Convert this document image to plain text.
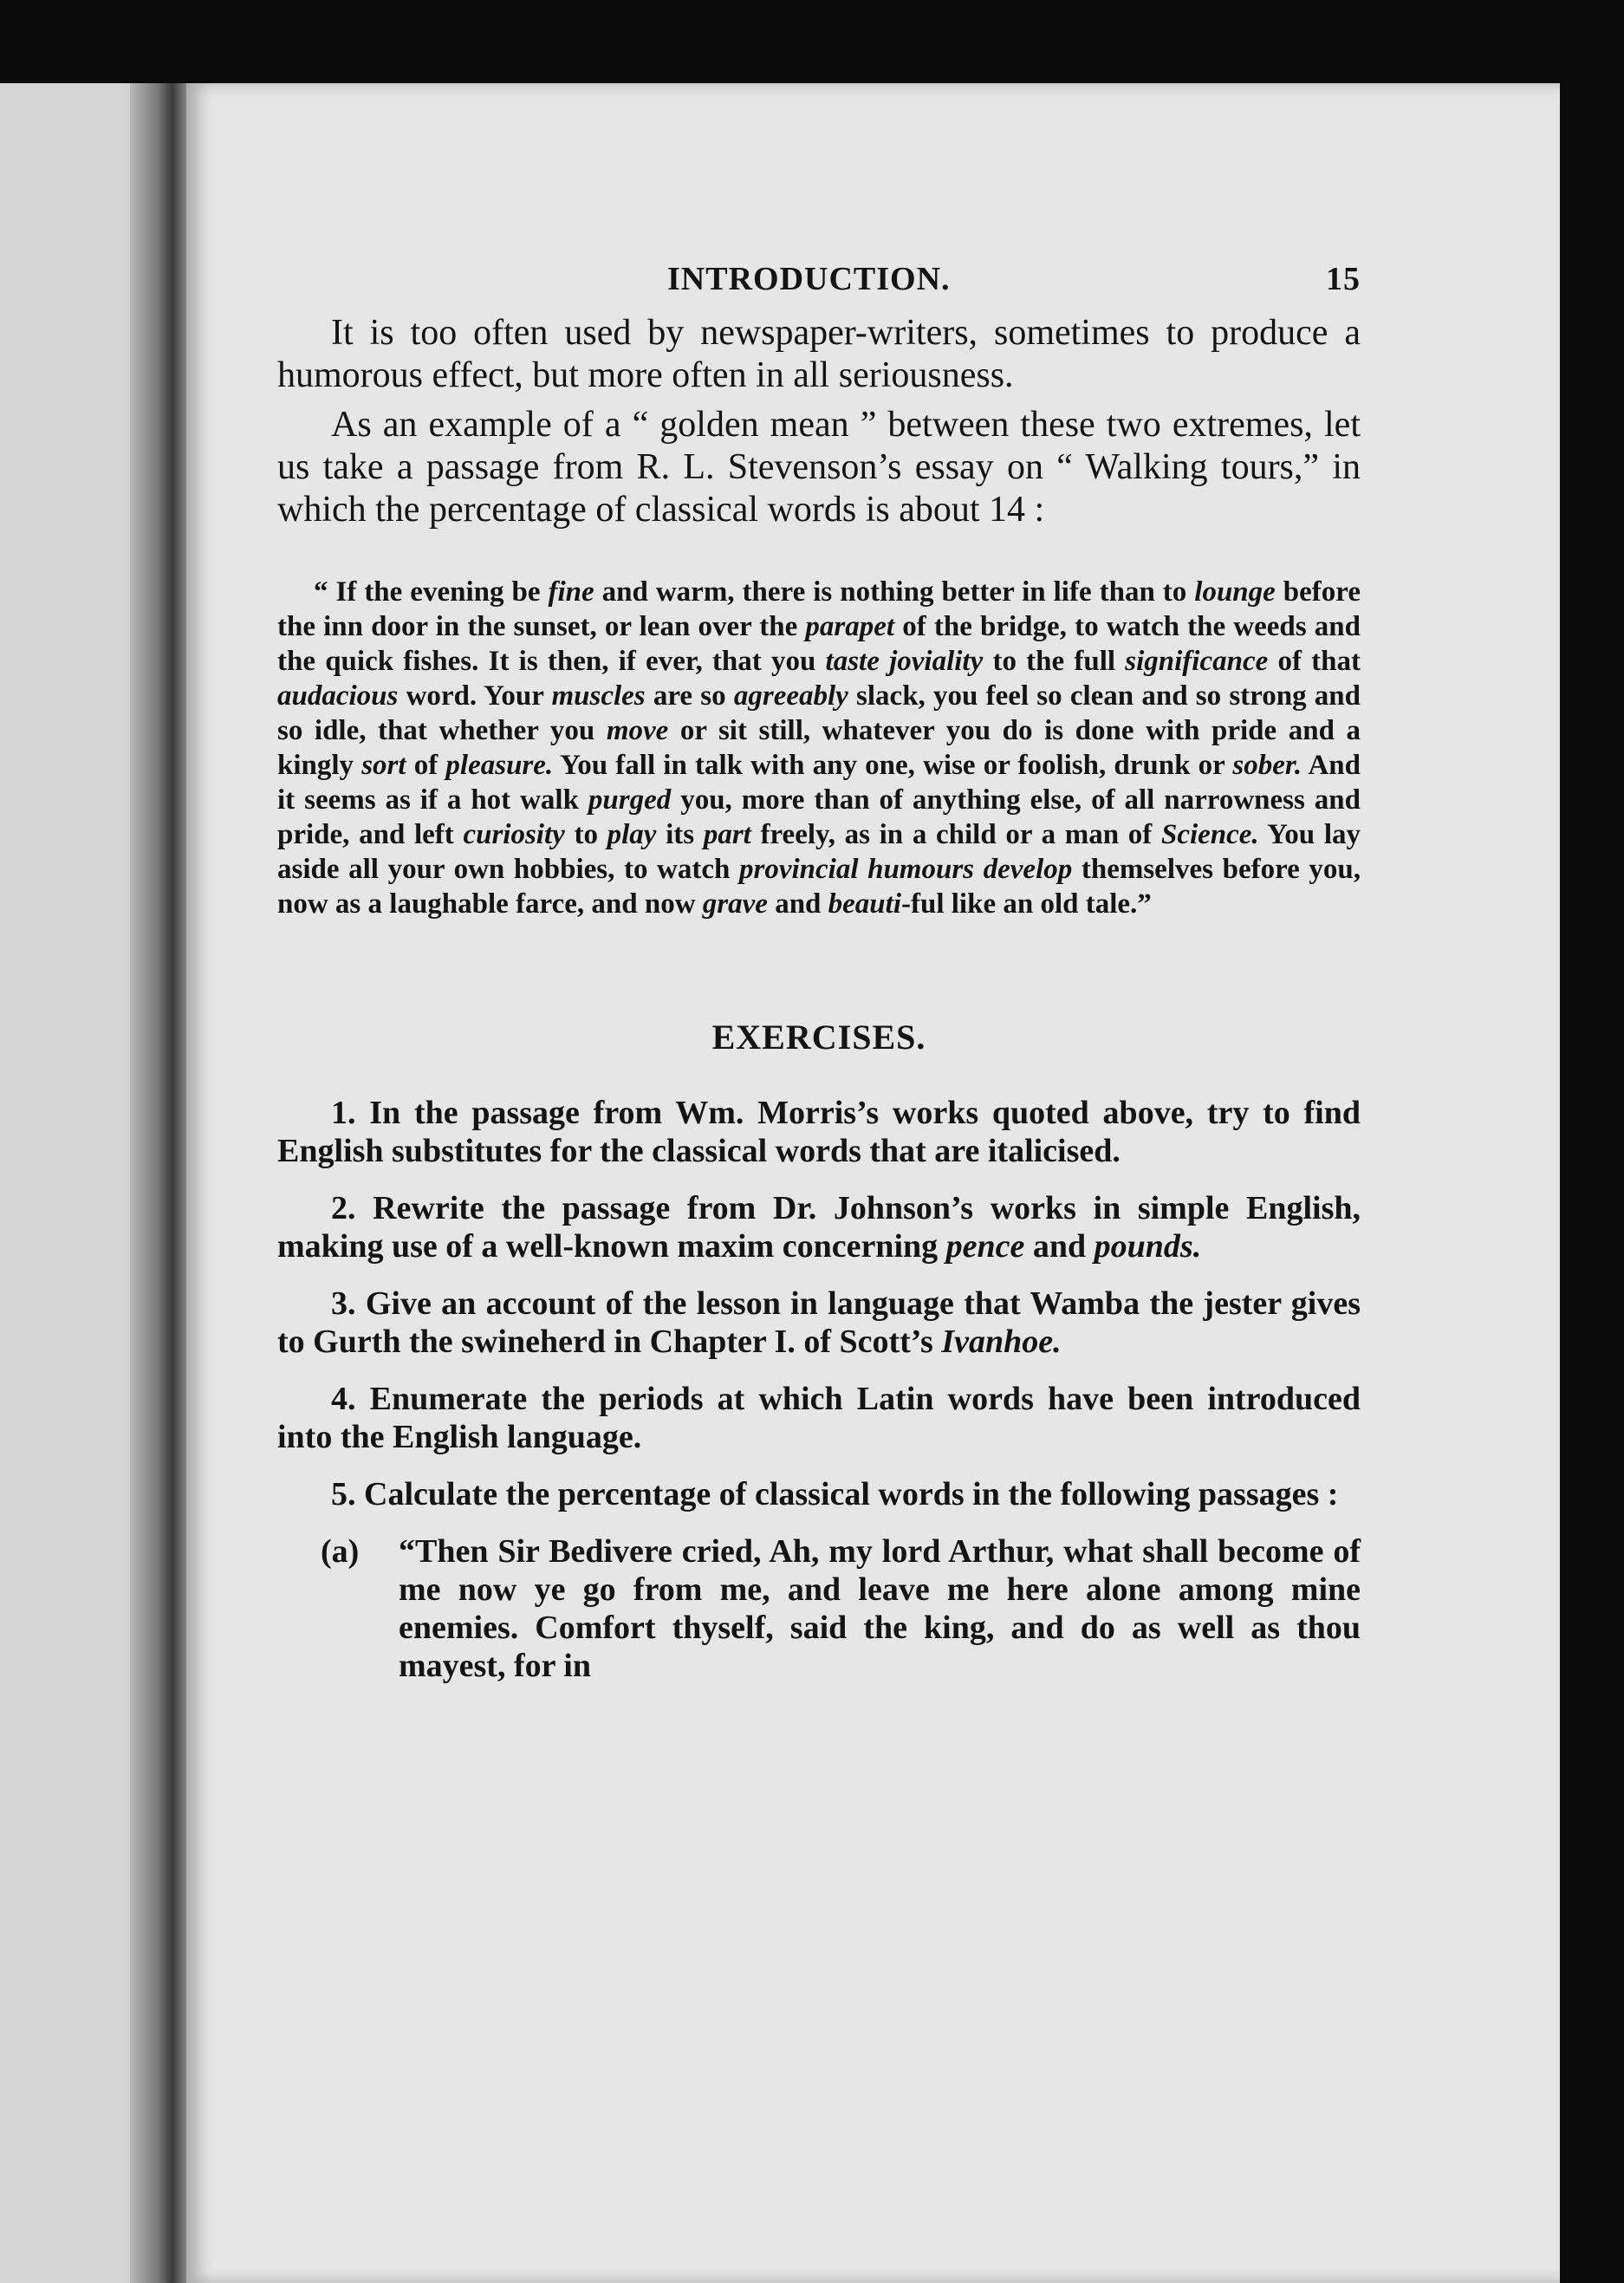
INTRODUCTION.	15

It is too often used by newspaper-writers, sometimes to produce a humorous effect, but more often in all seriousness.

As an example of a “ golden mean ” between these two extremes, let us take a passage from R. L. Stevenson’s essay on “ Walking tours,” in which the percentage of classical words is about 14 :

“ If the evening be fine and warm, there is nothing better in life than to lounge before the inn door in the sunset, or lean over the parapet of the bridge, to watch the weeds and the quick fishes. It is then, if ever, that you taste joviality to the full significance of that audacious word. Your muscles are so agreeably slack, you feel so clean and so strong and so idle, that whether you move or sit still, whatever you do is done with pride and a kingly sort of pleasure. You fall in talk with any one, wise or foolish, drunk or sober. And it seems as if a hot walk purged you, more than of anything else, of all narrowness and pride, and left curiosity to play its part freely, as in a child or a man of Science. You lay aside all your own hobbies, to watch provincial humours develop themselves before you, now as a laughable farce, and now grave and beauti-ful like an old tale.”

EXERCISES.

1. In the passage from Wm. Morris’s works quoted above, try to find English substitutes for the classical words that are italicised.

2. Rewrite the passage from Dr. Johnson’s works in simple English, making use of a well-known maxim concerning pence and pounds.

3. Give an account of the lesson in language that Wamba the jester gives to Gurth the swineherd in Chapter I. of Scott’s Ivanhoe.

4. Enumerate the periods at which Latin words have been introduced into the English language.

5. Calculate the percentage of classical words in the following passages :

(a) “Then Sir Bedivere cried, Ah, my lord Arthur, what shall become of me now ye go from me, and leave me here alone among mine enemies. Comfort thyself, said the king, and do as well as thou mayest, for in
